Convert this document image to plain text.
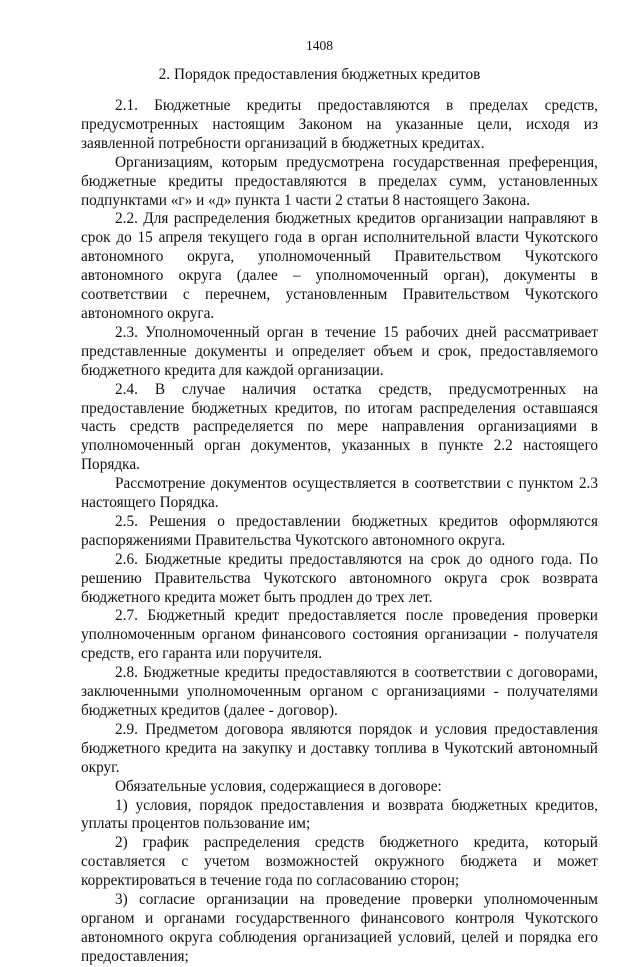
1408
2. Порядок предоставления бюджетных кредитов

2.1. Бюджетные кредиты предоставляются в пределах средств, предусмотренных настоящим Законом на указанные цели, исходя из заявленной потребности организаций в бюджетных кредитах.

Организациям, которым предусмотрена государственная преференция, бюджетные кредиты предоставляются в пределах сумм, установленных подпунктами «г» и «д» пункта 1 части 2 статьи 8 настоящего Закона.

2.2. Для распределения бюджетных кредитов организации направляют в срок до 15 апреля текущего года в орган исполнительной власти Чукотского автономного округа, уполномоченный Правительством Чукотского автономного округа (далее – уполномоченный орган), документы в соответствии с перечнем, установленным Правительством Чукотского автономного округа.

2.3. Уполномоченный орган в течение 15 рабочих дней рассматривает представленные документы и определяет объем и срок, предоставляемого бюджетного кредита для каждой организации.

2.4. В случае наличия остатка средств, предусмотренных на предоставление бюджетных кредитов, по итогам распределения оставшаяся часть средств распределяется по мере направления организациями в уполномоченный орган документов, указанных в пункте 2.2 настоящего Порядка.

Рассмотрение документов осуществляется в соответствии с пунктом 2.3 настоящего Порядка.

2.5. Решения о предоставлении бюджетных кредитов оформляются распоряжениями Правительства Чукотского автономного округа.

2.6. Бюджетные кредиты предоставляются на срок до одного года. По решению Правительства Чукотского автономного округа срок возврата бюджетного кредита может быть продлен до трех лет.

2.7. Бюджетный кредит предоставляется после проведения проверки уполномоченным органом финансового состояния организации - получателя средств, его гаранта или поручителя.

2.8. Бюджетные кредиты предоставляются в соответствии с договорами, заключенными уполномоченным органом с организациями - получателями бюджетных кредитов (далее - договор).

2.9. Предметом договора являются порядок и условия предоставления бюджетного кредита на закупку и доставку топлива в Чукотский автономный округ.

Обязательные условия, содержащиеся в договоре:

1) условия, порядок предоставления и возврата бюджетных кредитов, уплаты процентов пользование им;

2) график распределения средств бюджетного кредита, который составляется с учетом возможностей окружного бюджета и может корректироваться в течение года по согласованию сторон;

3) согласие организации на проведение проверки уполномоченным органом и органами государственного финансового контроля Чукотского автономного округа соблюдения организацией условий, целей и порядка его предоставления;
